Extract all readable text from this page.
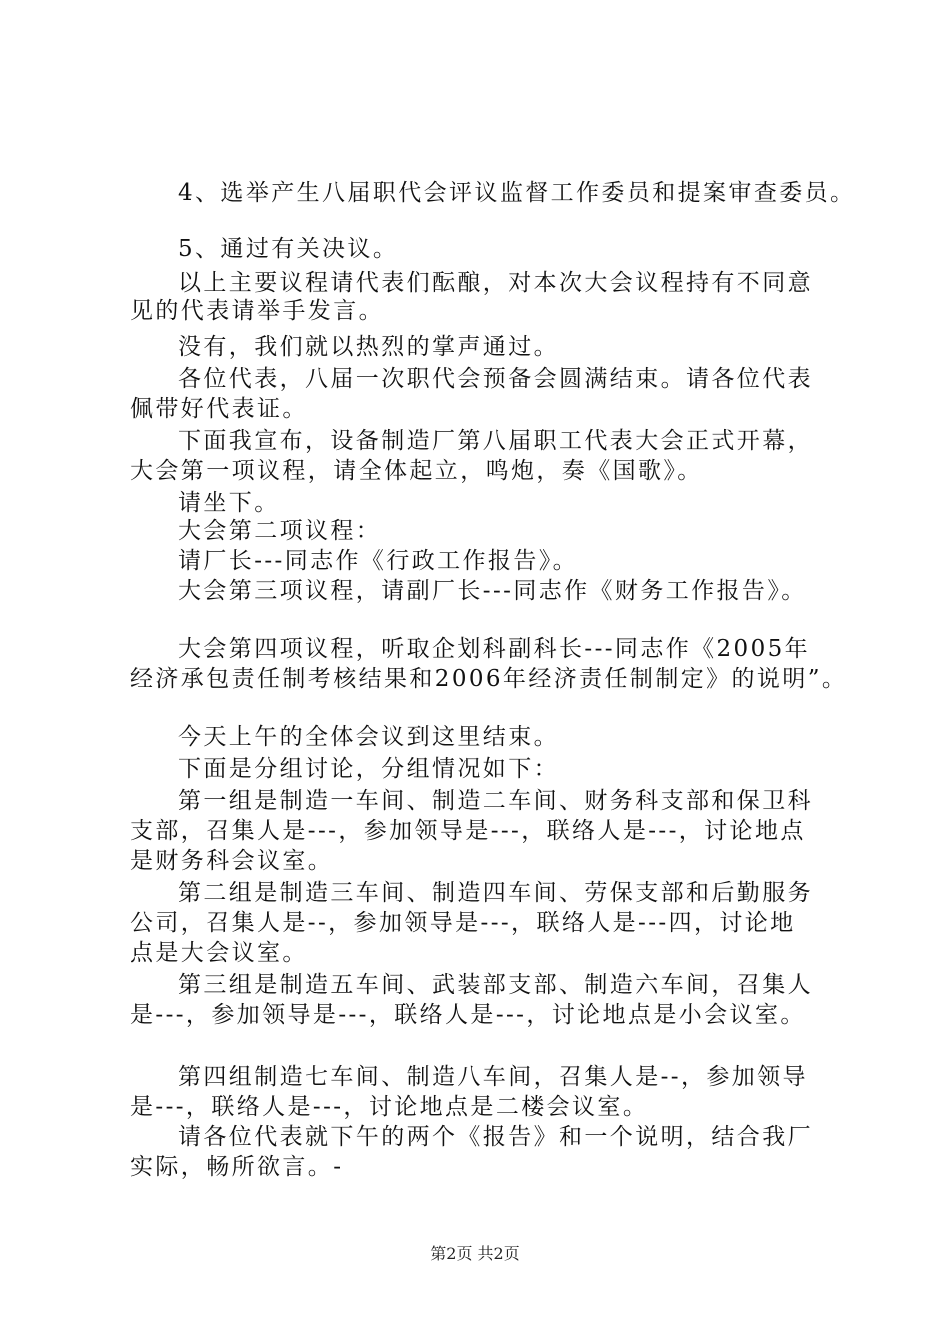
4、选举产生八届职代会评议监督工作委员和提案审查委员。
5、通过有关决议。
以上主要议程请代表们酝酿，对本次大会议程持有不同意
见的代表请举手发言。
没有，我们就以热烈的掌声通过。
各位代表，八届一次职代会预备会圆满结束。请各位代表
佩带好代表证。
下面我宣布，设备制造厂第八届职工代表大会正式开幕，
大会第一项议程，请全体起立，鸣炮，奏《国歌》。
请坐下。
大会第二项议程：
请厂长---同志作《行政工作报告》。
大会第三项议程，请副厂长---同志作《财务工作报告》。
大会第四项议程，听取企划科副科长---同志作《2005年
经济承包责任制考核结果和2006年经济责任制制定》的说明”。
今天上午的全体会议到这里结束。
下面是分组讨论，分组情况如下：
第一组是制造一车间、制造二车间、财务科支部和保卫科
支部，召集人是---，参加领导是---，联络人是---，讨论地点
是财务科会议室。
第二组是制造三车间、制造四车间、劳保支部和后勤服务
公司，召集人是--，参加领导是---，联络人是---四，讨论地
点是大会议室。
第三组是制造五车间、武装部支部、制造六车间，召集人
是---，参加领导是---，联络人是---，讨论地点是小会议室。
第四组制造七车间、制造八车间，召集人是--，参加领导
是---，联络人是---，讨论地点是二楼会议室。
请各位代表就下午的两个《报告》和一个说明，结合我厂
实际，畅所欲言。-
第2页 共2页
